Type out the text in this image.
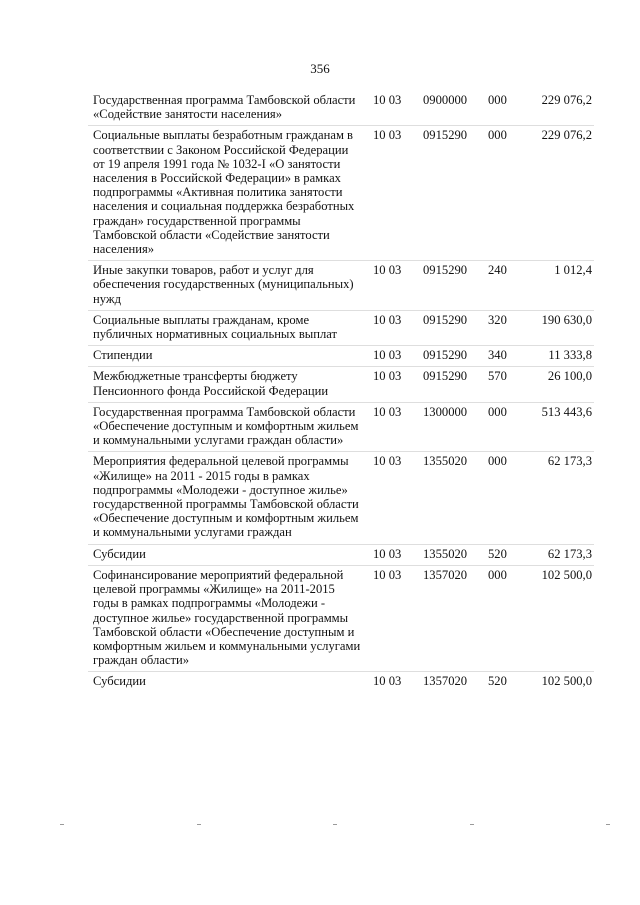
356
Государственная программа Тамбовской области «Содействие занятости населения»	10 03	0900000	000	229 076,2
Социальные выплаты безработным гражданам в соответствии с Законом Российской Федерации от 19 апреля 1991 года № 1032-I «О занятости населения в Российской Федерации» в рамках подпрограммы «Активная политика занятости населения и социальная поддержка безработных граждан» государственной программы Тамбовской области «Содействие занятости населения»	10 03	0915290	000	229 076,2
Иные закупки товаров, работ и услуг для обеспечения государственных (муниципальных) нужд	10 03	0915290	240	1 012,4
Социальные выплаты гражданам, кроме публичных нормативных социальных выплат	10 03	0915290	320	190 630,0
Стипендии	10 03	0915290	340	11 333,8
Межбюджетные трансферты бюджету Пенсионного фонда Российской Федерации	10 03	0915290	570	26 100,0
Государственная программа Тамбовской области «Обеспечение доступным и комфортным жильем и коммунальными услугами граждан области»	10 03	1300000	000	513 443,6
Мероприятия федеральной целевой программы «Жилище» на 2011 - 2015 годы в рамках подпрограммы «Молодежи - доступное жилье» государственной программы Тамбовской области «Обеспечение доступным и комфортным жильем и коммунальными услугами граждан	10 03	1355020	000	62 173,3
Субсидии	10 03	1355020	520	62 173,3
Софинансирование мероприятий федеральной целевой программы «Жилище» на 2011-2015 годы в рамках подпрограммы «Молодежи - доступное жилье» государственной программы Тамбовской области «Обеспечение доступным и комфортным жильем и коммунальными услугами граждан области»	10 03	1357020	000	102 500,0
Субсидии	10 03	1357020	520	102 500,0
